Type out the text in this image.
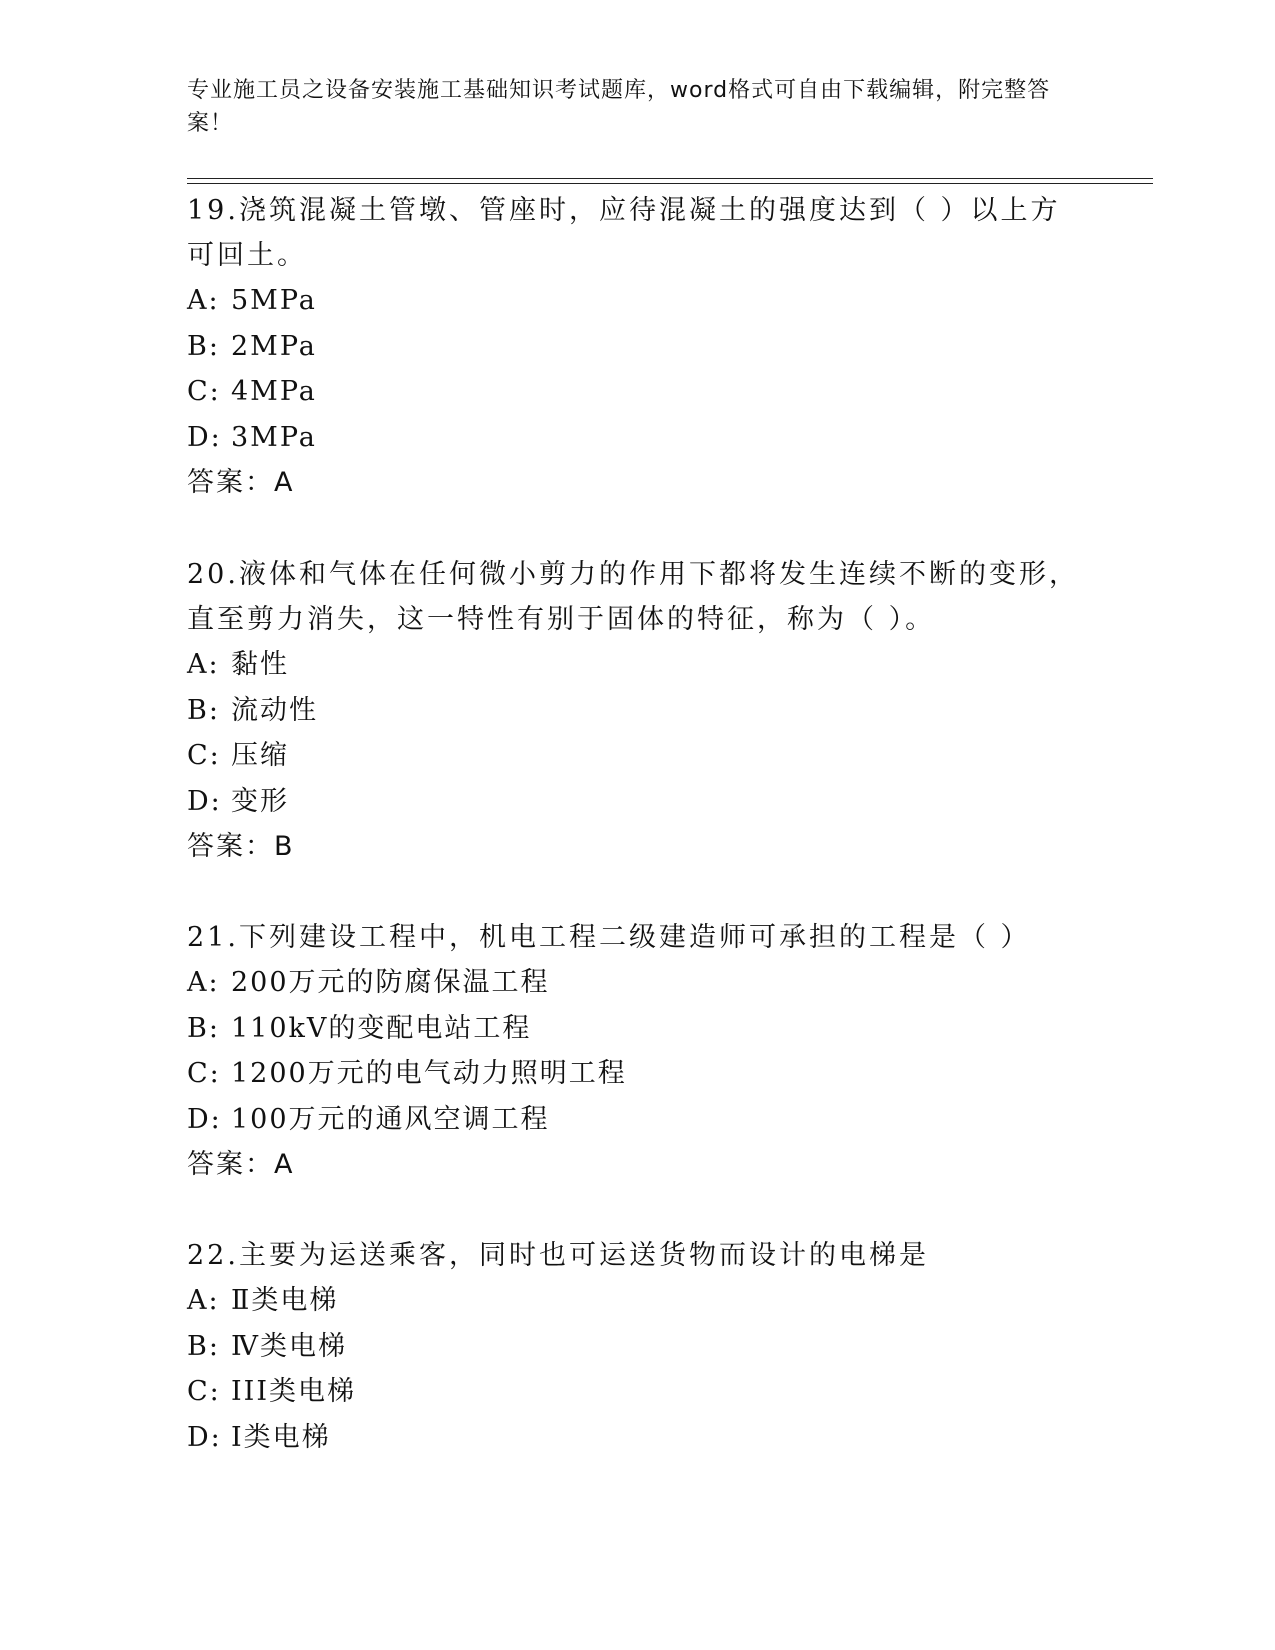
专业施工员之设备安装施工基础知识考试题库，word格式可自由下载编辑，附完整答案！

19.浇筑混凝土管墩、管座时，应待混凝土的强度达到（ ）以上方可回土。

A: 5MPa
B: 2MPa
C: 4MPa
D: 3MPa
答案：A

20.液体和气体在任何微小剪力的作用下都将发生连续不断的变形，直至剪力消失，这一特性有别于固体的特征，称为（ ）。

A: 黏性
B: 流动性
C: 压缩
D: 变形
答案：B

21.下列建设工程中，机电工程二级建造师可承担的工程是（ ）

A: 200万元的防腐保温工程
B: 110kV的变配电站工程
C: 1200万元的电气动力照明工程
D: 100万元的通风空调工程
答案：A

22.主要为运送乘客，同时也可运送货物而设计的电梯是

A: Ⅱ类电梯
B: Ⅳ类电梯
C: III类电梯
D: Ⅰ类电梯
